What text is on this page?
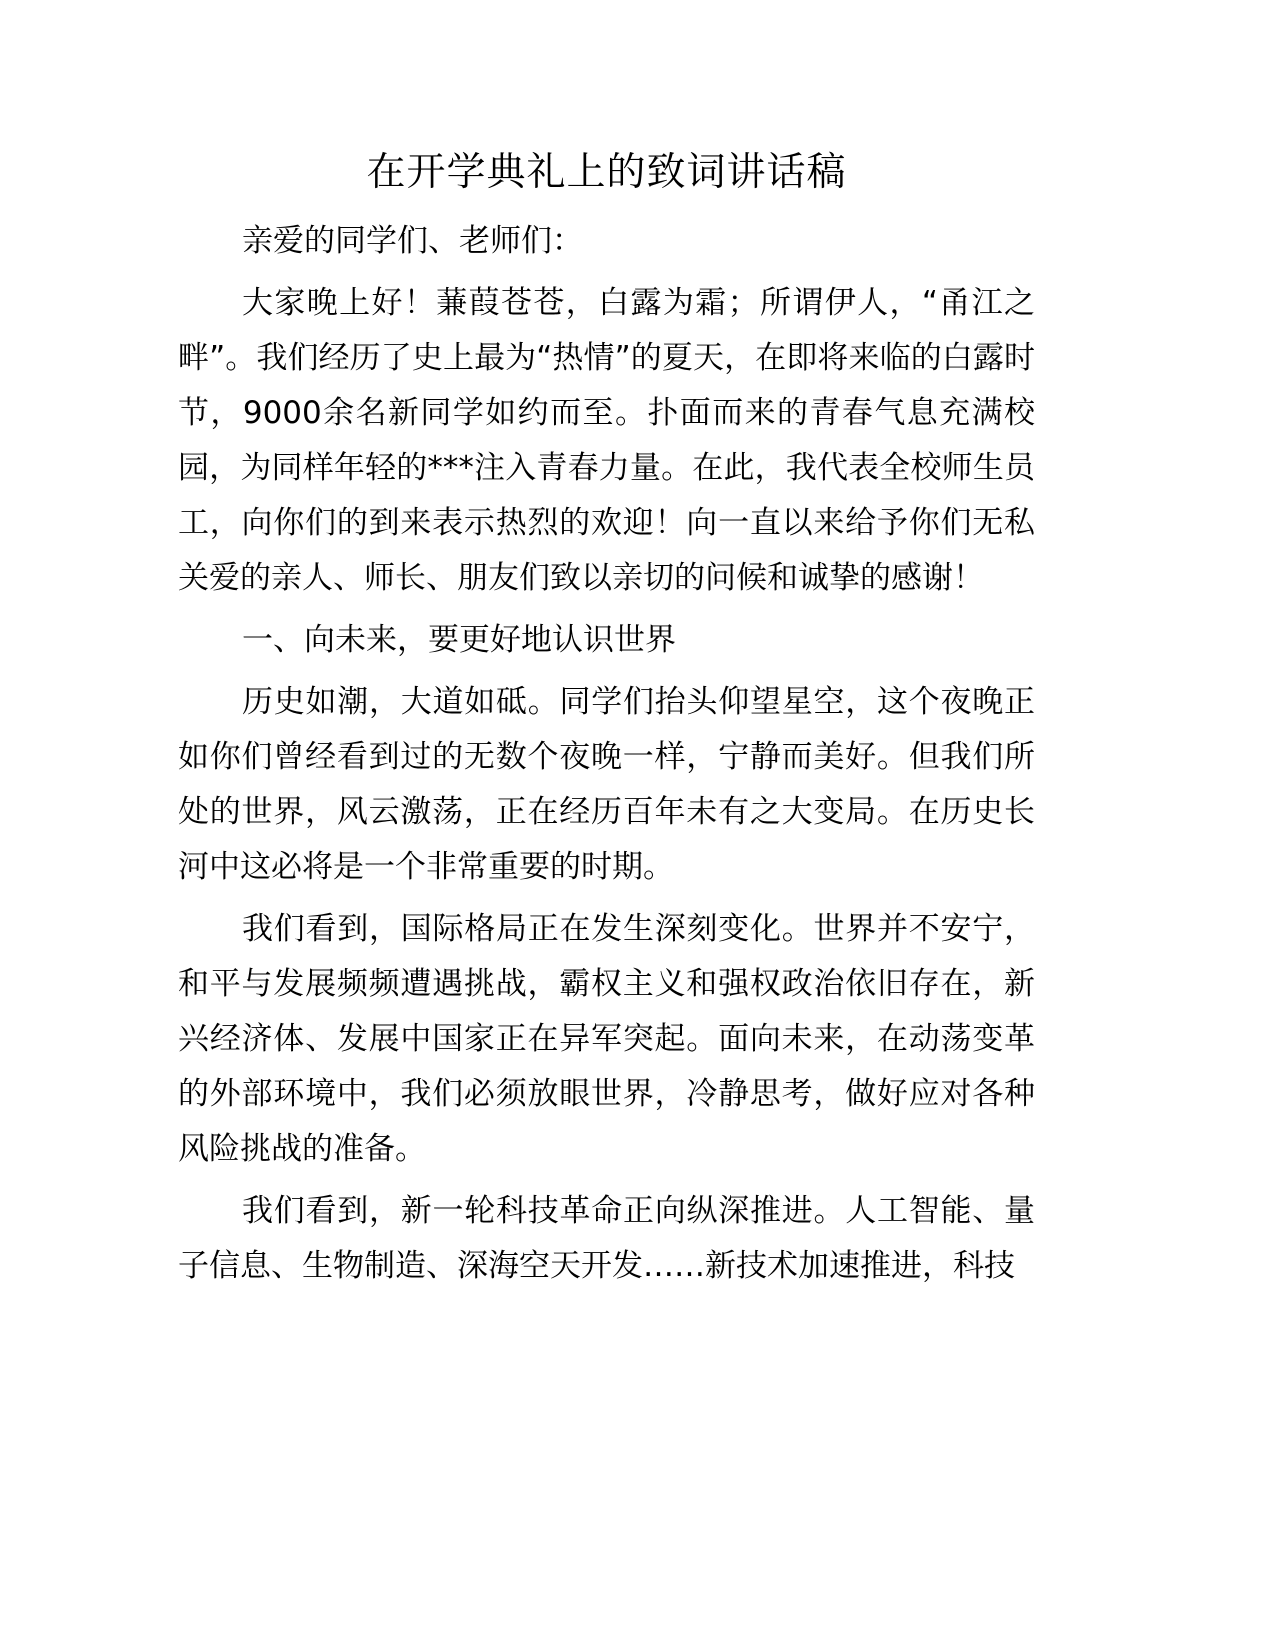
在开学典礼上的致词讲话稿

亲爱的同学们、老师们：

大家晚上好！蒹葭苍苍，白露为霜；所谓伊人，“甬江之畔”。我们经历了史上最为“热情”的夏天，在即将来临的白露时节，9000余名新同学如约而至。扑面而来的青春气息充满校园，为同样年轻的***注入青春力量。在此，我代表全校师生员工，向你们的到来表示热烈的欢迎！向一直以来给予你们无私关爱的亲人、师长、朋友们致以亲切的问候和诚挚的感谢！

一、向未来，要更好地认识世界

历史如潮，大道如砥。同学们抬头仰望星空，这个夜晚正如你们曾经看到过的无数个夜晚一样，宁静而美好。但我们所处的世界，风云激荡，正在经历百年未有之大变局。在历史长河中这必将是一个非常重要的时期。

我们看到，国际格局正在发生深刻变化。世界并不安宁，和平与发展频频遭遇挑战，霸权主义和强权政治依旧存在，新兴经济体、发展中国家正在异军突起。面向未来，在动荡变革的外部环境中，我们必须放眼世界，冷静思考，做好应对各种风险挑战的准备。

我们看到，新一轮科技革命正向纵深推进。人工智能、量子信息、生物制造、深海空天开发……新技术加速推进，科技
